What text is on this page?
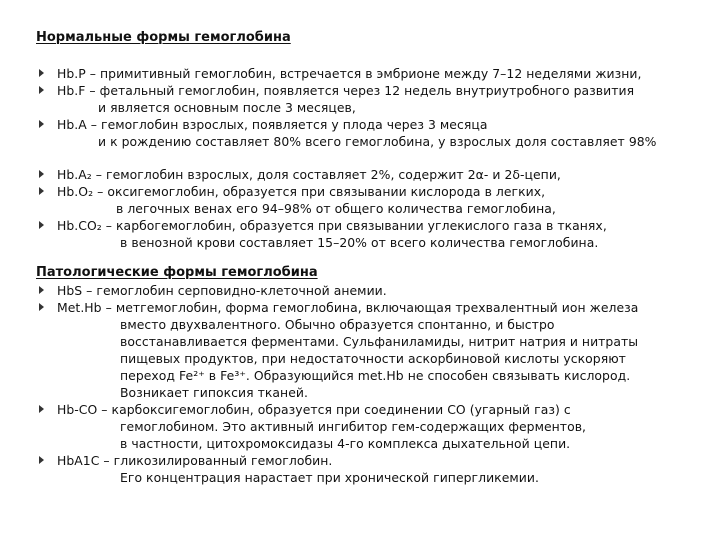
Нормальные формы гемоглобина
Hb.P – примитивный гемоглобин, встречается в эмбрионе между 7–12 неделями жизни,
Hb.F – фетальный гемоглобин, появляется через 12 недель внутриутробного развития
и является основным после 3 месяцев,
Hb.A – гемоглобин взрослых, появляется у плода через 3 месяца
и к рождению составляет 80% всего гемоглобина, у взрослых доля составляет 98%
Hb.A₂ – гемоглобин взрослых, доля составляет 2%, содержит 2α- и 2δ-цепи,
Hb.O₂ – оксигемоглобин, образуется при связывании кислорода в легких,
в легочных венах его 94–98% от общего количества гемоглобина,
Hb.CO₂ – карбогемоглобин, образуется при связывании углекислого газа в тканях,
в венозной крови составляет 15–20% от всего количества гемоглобина.
Патологические формы гемоглобина
HbS – гемоглобин серповидно-клеточной анемии.
Met.Hb – метгемоглобин, форма гемоглобина, включающая трехвалентный ион железа
вместо двухвалентного. Обычно образуется спонтанно, и быстро
восстанавливается ферментами. Сульфаниламиды, нитрит натрия и нитраты
пищевых продуктов, при недостаточности аскорбиновой кислоты ускоряют
переход Fe²⁺ в Fe³⁺. Образующийся met.Hb не способен связывать кислород.
Возникает гипоксия тканей.
Hb-CO – карбоксигемоглобин, образуется при соединении СО (угарный газ) с
гемоглобином. Это активный ингибитор гем-содержащих ферментов,
в частности, цитохромоксидазы 4-го комплекса дыхательной цепи.
HbA1C – гликозилированный гемоглобин.
Его концентрация нарастает при хронической гипергликемии.
